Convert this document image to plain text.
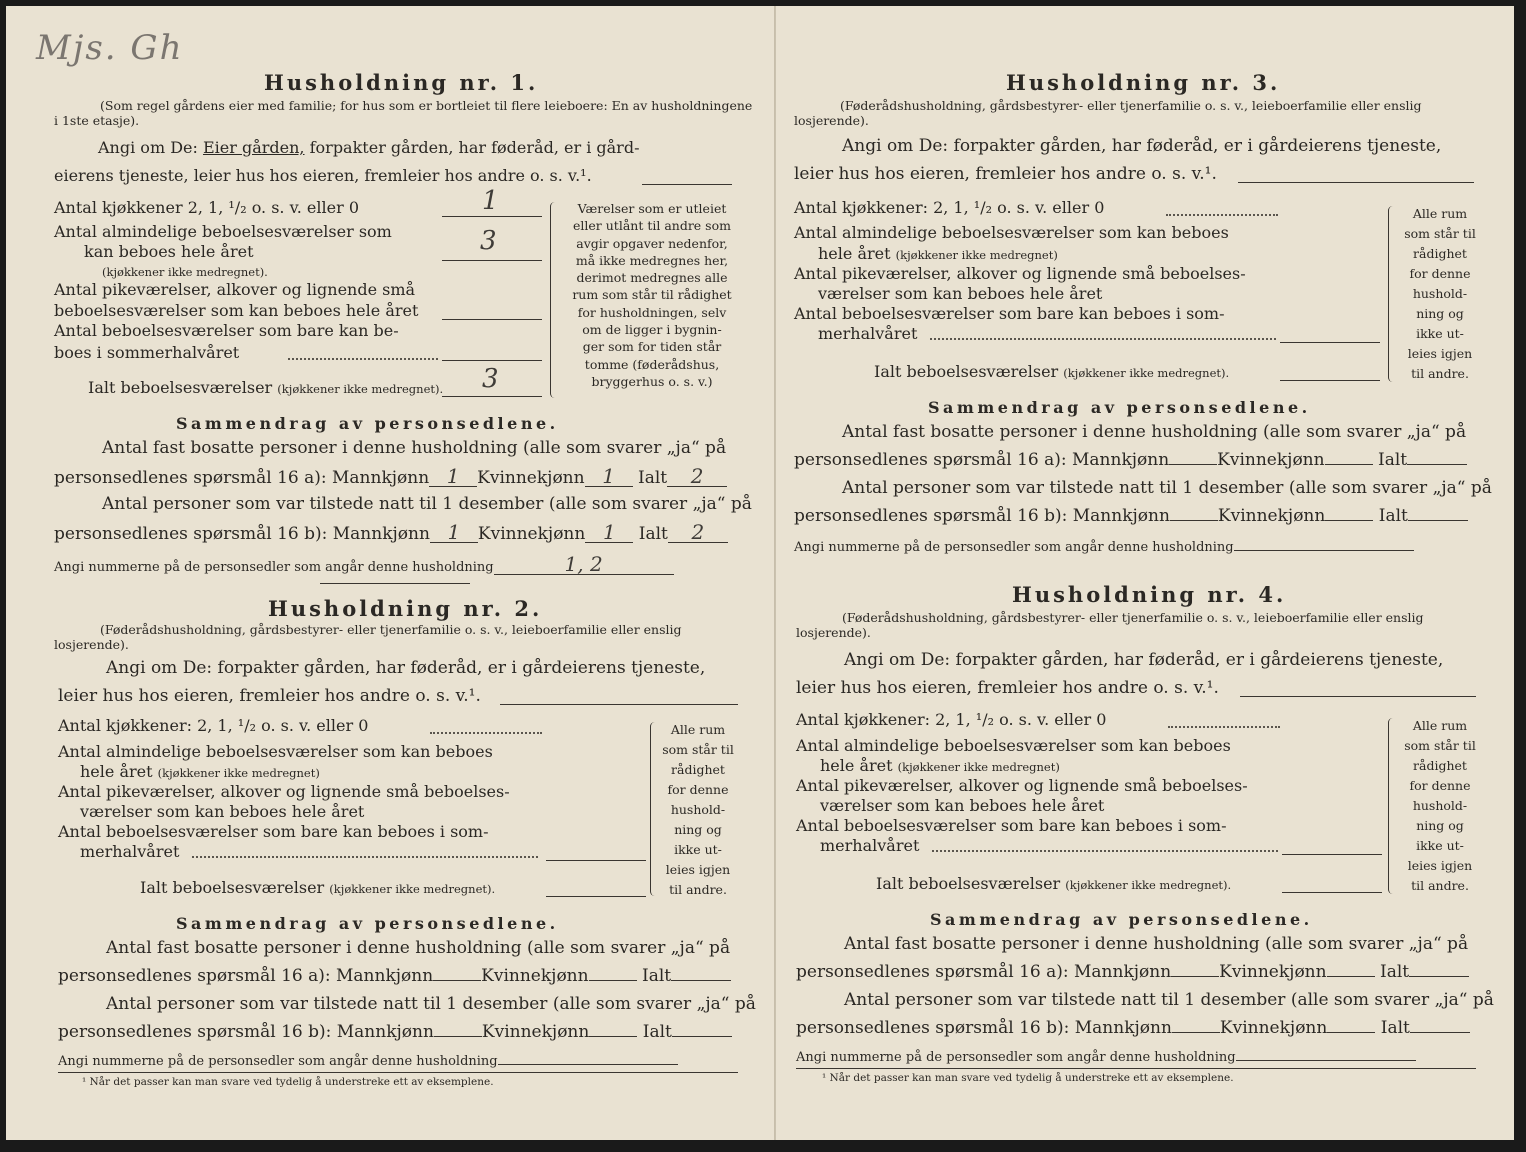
Mjs. Gh
Husholdning nr. 1.
(Som regel gårdens eier med familie; for hus som er bortleiet til flere leieboere: En av husholdningene i 1ste etasje).
Angi om De: Eier gården, forpakter gården, har føderåd, er i gård-
eierens tjeneste, leier hus hos eieren, fremleier hos andre o. s. v.¹.
Antal kjøkkener 2, 1, ¹/₂ o. s. v. eller 0	1
Antal almindelige beboelsesværelser som
kan beboes hele året	3
(kjøkkener ikke medregnet).
Antal pikeværelser, alkover og lignende små
beboelsesværelser som kan beboes hele året
Antal beboelsesværelser som bare kan be-
boes i sommerhalvåret
Ialt beboelsesværelser (kjøkkener ikke medregnet). 3
Værelser som er utleiet
eller utlånt til andre som
avgir opgaver nedenfor,
må ikke medregnes her,
derimot medregnes alle
rum som står til rådighet
for husholdningen, selv
om de ligger i bygnin-
ger som for tiden står
tomme (føderådshus,
bryggerhus o. s. v.)
Sammendrag av personsedlene.
Antal fast bosatte personer i denne husholdning (alle som svarer „ja“ på
personsedlenes spørsmål 16 a): Mannkjønn 1 Kvinnekjønn 1 Ialt 2
Antal personer som var tilstede natt til 1 desember (alle som svarer „ja“ på
personsedlenes spørsmål 16 b): Mannkjønn 1 Kvinnekjønn 1 Ialt 2
Angi nummerne på de personsedler som angår denne husholdning	1, 2
Husholdning nr. 2.
(Føderådshusholdning, gårdsbestyrer- eller tjenerfamilie o. s. v., leieboerfamilie eller enslig losjerende).
Angi om De: forpakter gården, har føderåd, er i gårdeierens tjeneste,
leier hus hos eieren, fremleier hos andre o. s. v.¹.
Antal kjøkkener: 2, 1, ¹/₂ o. s. v. eller 0
Antal almindelige beboelsesværelser som kan beboes
hele året (kjøkkener ikke medregnet)
Antal pikeværelser, alkover og lignende små beboelses-
værelser som kan beboes hele året
Antal beboelsesværelser som bare kan beboes i som-
merhalvåret
Ialt beboelsesværelser (kjøkkener ikke medregnet).
Alle rum
som står til
rådighet
for denne
hushold-
ning og
ikke ut-
leies igjen
til andre.
Sammendrag av personsedlene.
Antal fast bosatte personer i denne husholdning (alle som svarer „ja“ på
personsedlenes spørsmål 16 a): Mannkjønn	Kvinnekjønn	Ialt
Antal personer som var tilstede natt til 1 desember (alle som svarer „ja“ på
personsedlenes spørsmål 16 b): Mannkjønn	Kvinnekjønn	Ialt
Angi nummerne på de personsedler som angår denne husholdning
¹ Når det passer kan man svare ved tydelig å understreke ett av eksemplene.
Husholdning nr. 3.
(Føderådshusholdning, gårdsbestyrer- eller tjenerfamilie o. s. v., leieboerfamilie eller enslig losjerende).
Angi om De: forpakter gården, har føderåd, er i gårdeierens tjeneste,
leier hus hos eieren, fremleier hos andre o. s. v.¹.
Antal kjøkkener: 2, 1, ¹/₂ o. s. v. eller 0
Antal almindelige beboelsesværelser som kan beboes
hele året (kjøkkener ikke medregnet)
Antal pikeværelser, alkover og lignende små beboelses-
værelser som kan beboes hele året
Antal beboelsesværelser som bare kan beboes i som-
merhalvåret
Ialt beboelsesværelser (kjøkkener ikke medregnet).
Alle rum
som står til
rådighet
for denne
hushold-
ning og
ikke ut-
leies igjen
til andre.
Sammendrag av personsedlene.
Antal fast bosatte personer i denne husholdning (alle som svarer „ja“ på
personsedlenes spørsmål 16 a): Mannkjønn	Kvinnekjønn	Ialt
Antal personer som var tilstede natt til 1 desember (alle som svarer „ja“ på
personsedlenes spørsmål 16 b): Mannkjønn	Kvinnekjønn	Ialt
Angi nummerne på de personsedler som angår denne husholdning
Husholdning nr. 4.
(Føderådshusholdning, gårdsbestyrer- eller tjenerfamilie o. s. v., leieboerfamilie eller enslig losjerende).
Angi om De: forpakter gården, har føderåd, er i gårdeierens tjeneste,
leier hus hos eieren, fremleier hos andre o. s. v.¹.
Antal kjøkkener: 2, 1, ¹/₂ o. s. v. eller 0
Antal almindelige beboelsesværelser som kan beboes
hele året (kjøkkener ikke medregnet)
Antal pikeværelser, alkover og lignende små beboelses-
værelser som kan beboes hele året
Antal beboelsesværelser som bare kan beboes i som-
merhalvåret
Ialt beboelsesværelser (kjøkkener ikke medregnet).
Alle rum
som står til
rådighet
for denne
hushold-
ning og
ikke ut-
leies igjen
til andre.
Sammendrag av personsedlene.
Antal fast bosatte personer i denne husholdning (alle som svarer „ja“ på
personsedlenes spørsmål 16 a): Mannkjønn	Kvinnekjønn	Ialt
Antal personer som var tilstede natt til 1 desember (alle som svarer „ja“ på
personsedlenes spørsmål 16 b): Mannkjønn	Kvinnekjønn	Ialt
Angi nummerne på de personsedler som angår denne husholdning
¹ Når det passer kan man svare ved tydelig å understreke ett av eksemplene.
